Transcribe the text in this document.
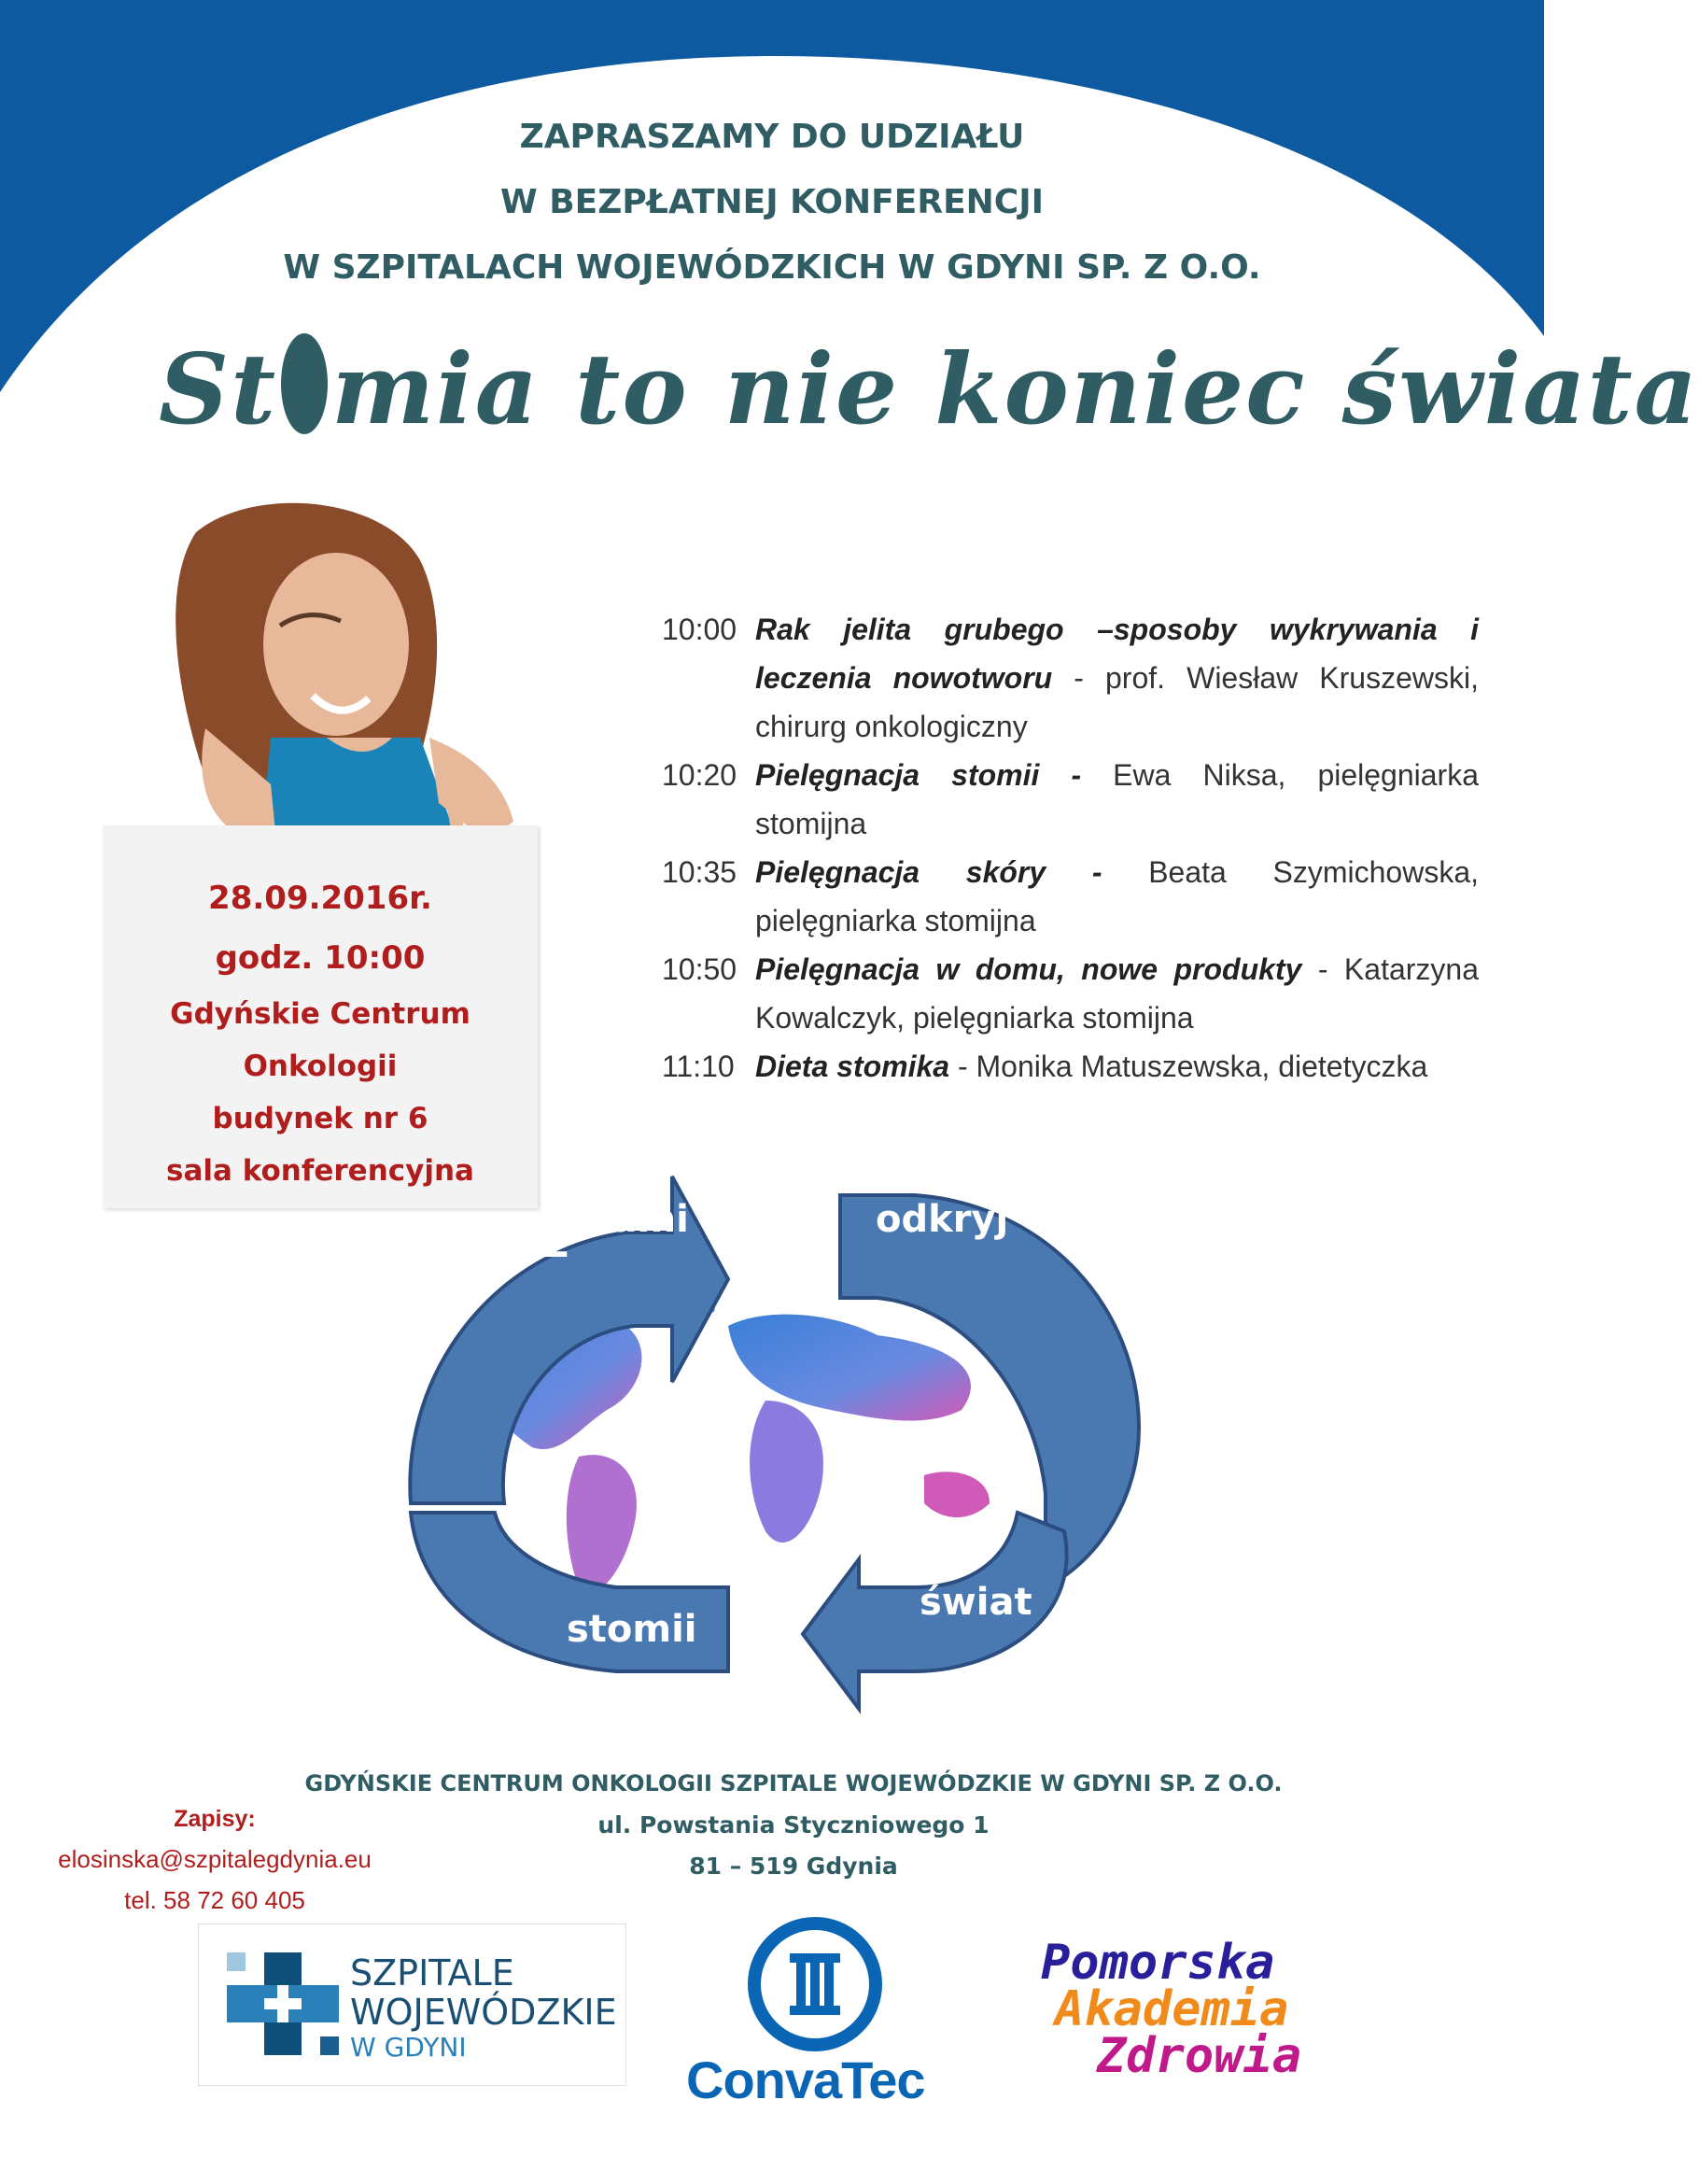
ZAPRASZAMY DO UDZIAŁU
W BEZPŁATNEJ KONFERENCJI
W SZPITALACH WOJEWÓDZKICH W GDYNI SP. Z O.O.
St mia to nie koniec świata
28.09.2016r.
godz. 10:00
Gdyńskie Centrum
Onkologii
budynek nr 6
sala konferencyjna
10:00 Rak jelita grubego –sposoby wykrywania i leczenia nowotworu - prof. Wiesław Kruszewski, chirurg onkologiczny
10:20 Pielęgnacja stomii - Ewa Niksa, pielęgniarka stomijna
10:35 Pielęgnacja skóry - Beata Szymichowska, pielęgniarka stomijna
10:50 Pielęgnacja w domu, nowe produkty - Katarzyna Kowalczyk, pielęgniarka stomijna
11:10 Dieta stomika - Monika Matuszewska, dietetyczka
Z
Nami	odkryj
świat
stomii
GDYŃSKIE CENTRUM ONKOLOGII SZPITALE WOJEWÓDZKIE W GDYNI SP. Z O.O.
ul. Powstania Styczniowego 1
81 – 519 Gdynia
Zapisy:
elosinska@szpitalegdynia.eu
tel. 58 72 60 405
SZPITALE
WOJEWÓDZKIE
W GDYNI
ConvaTec
Pomorska
Akademia
Zdrowia
